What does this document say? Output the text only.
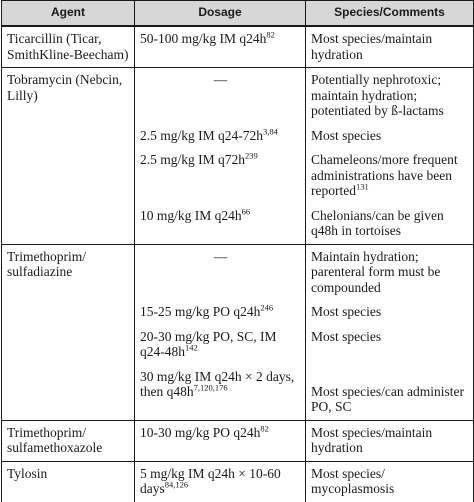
Agent	Dosage	Species/Comments

Ticarcillin (Ticar, SmithKline-Beecham)	50-100 mg/kg IM $q24h^{82}$	Most species/maintain hydration

Tobramycin (Nebcin, Lilly)	—	Potentially nephrotoxic; maintain hydration; potentiated by ß-lactams

	2.5 mg/kg IM $q24-72h^{3,84}$	Most species

	2.5 mg/kg IM $q72h^{239}$	Chameleons/more frequent administrations have been reported$^{131}$

	10 mg/kg IM $q24h^{66}$	Chelonians/can be given q48h in tortoises

Trimethoprim/ sulfadiazine	—	Maintain hydration; parenteral form must be compounded

	15-25 mg/kg PO $q24h^{246}$	Most species

	20-30 mg/kg PO, SC, IM $q24-48h^{142}$	Most species

	30 mg/kg IM q24h × 2 days, then $q48h^{7,120,176}$	Most species/can administer PO, SC

Trimethoprim/ sulfamethoxazole	10-30 mg/kg PO $q24h^{82}$	Most species/maintain hydration

Tylosin	5 mg/kg IM q24h × 10-60 days$^{84,126}$	Most species/ mycoplasmosis
